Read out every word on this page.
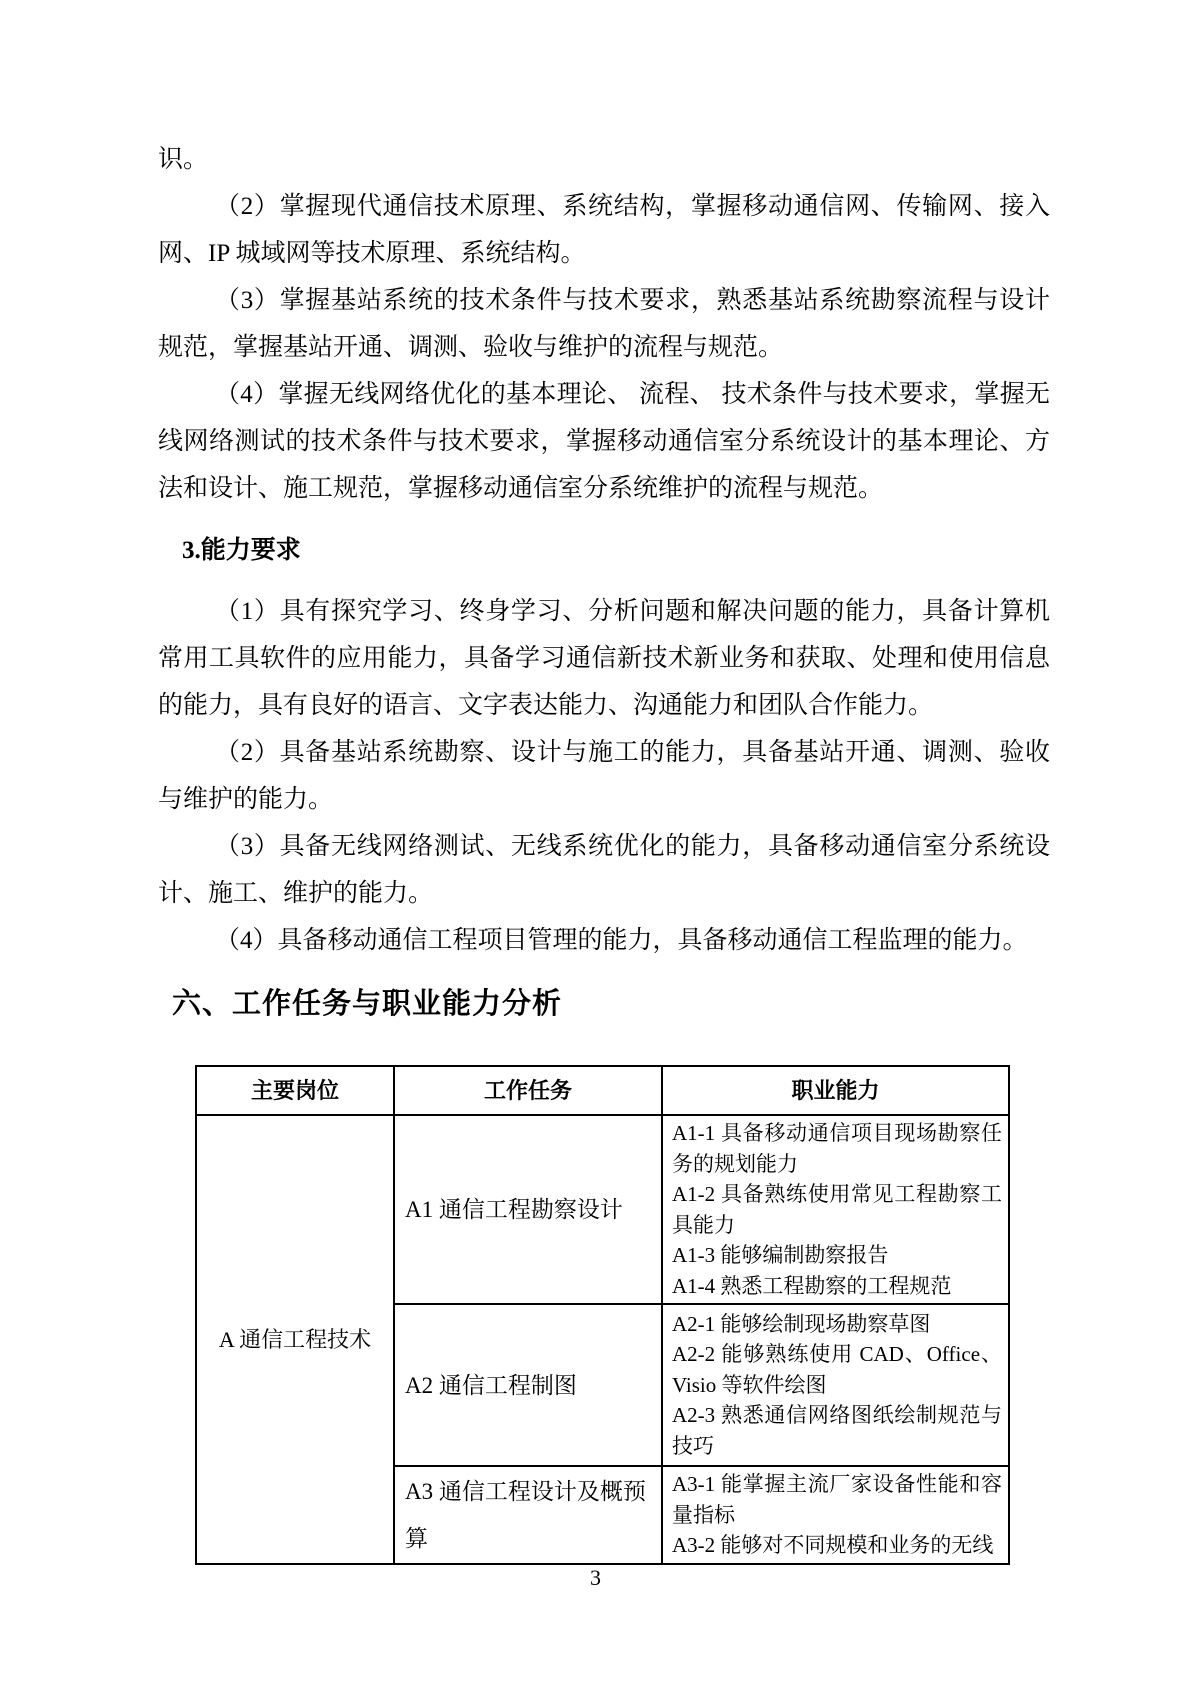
识。

（2）掌握现代通信技术原理、系统结构，掌握移动通信网、传输网、接入网、IP 城域网等技术原理、系统结构。

（3）掌握基站系统的技术条件与技术要求，熟悉基站系统勘察流程与设计规范，掌握基站开通、调测、验收与维护的流程与规范。

（4）掌握无线网络优化的基本理论、 流程、 技术条件与技术要求，掌握无线网络测试的技术条件与技术要求，掌握移动通信室分系统设计的基本理论、方法和设计、施工规范，掌握移动通信室分系统维护的流程与规范。

3.能力要求

（1）具有探究学习、终身学习、分析问题和解决问题的能力，具备计算机常用工具软件的应用能力，具备学习通信新技术新业务和获取、处理和使用信息的能力，具有良好的语言、文字表达能力、沟通能力和团队合作能力。

（2）具备基站系统勘察、设计与施工的能力，具备基站开通、调测、验收与维护的能力。

（3）具备无线网络测试、无线系统优化的能力，具备移动通信室分系统设计、施工、维护的能力。

（4）具备移动通信工程项目管理的能力，具备移动通信工程监理的能力。

六、工作任务与职业能力分析
主要岗位	工作任务	职业能力
A 通信工程技术	A1 通信工程勘察设计	A1-1 具备移动通信项目现场勘察任务的规划能力
A1-2 具备熟练使用常见工程勘察工具能力
A1-3 能够编制勘察报告
A1-4 熟悉工程勘察的工程规范

	A2 通信工程制图	A2-1 能够绘制现场勘察草图
A2-2 能够熟练使用 CAD、Office、Visio 等软件绘图
A2-3 熟悉通信网络图纸绘制规范与技巧

	A3 通信工程设计及概预算	A3-1 能掌握主流厂家设备性能和容量指标
A3-2 能够对不同规模和业务的无线
3
